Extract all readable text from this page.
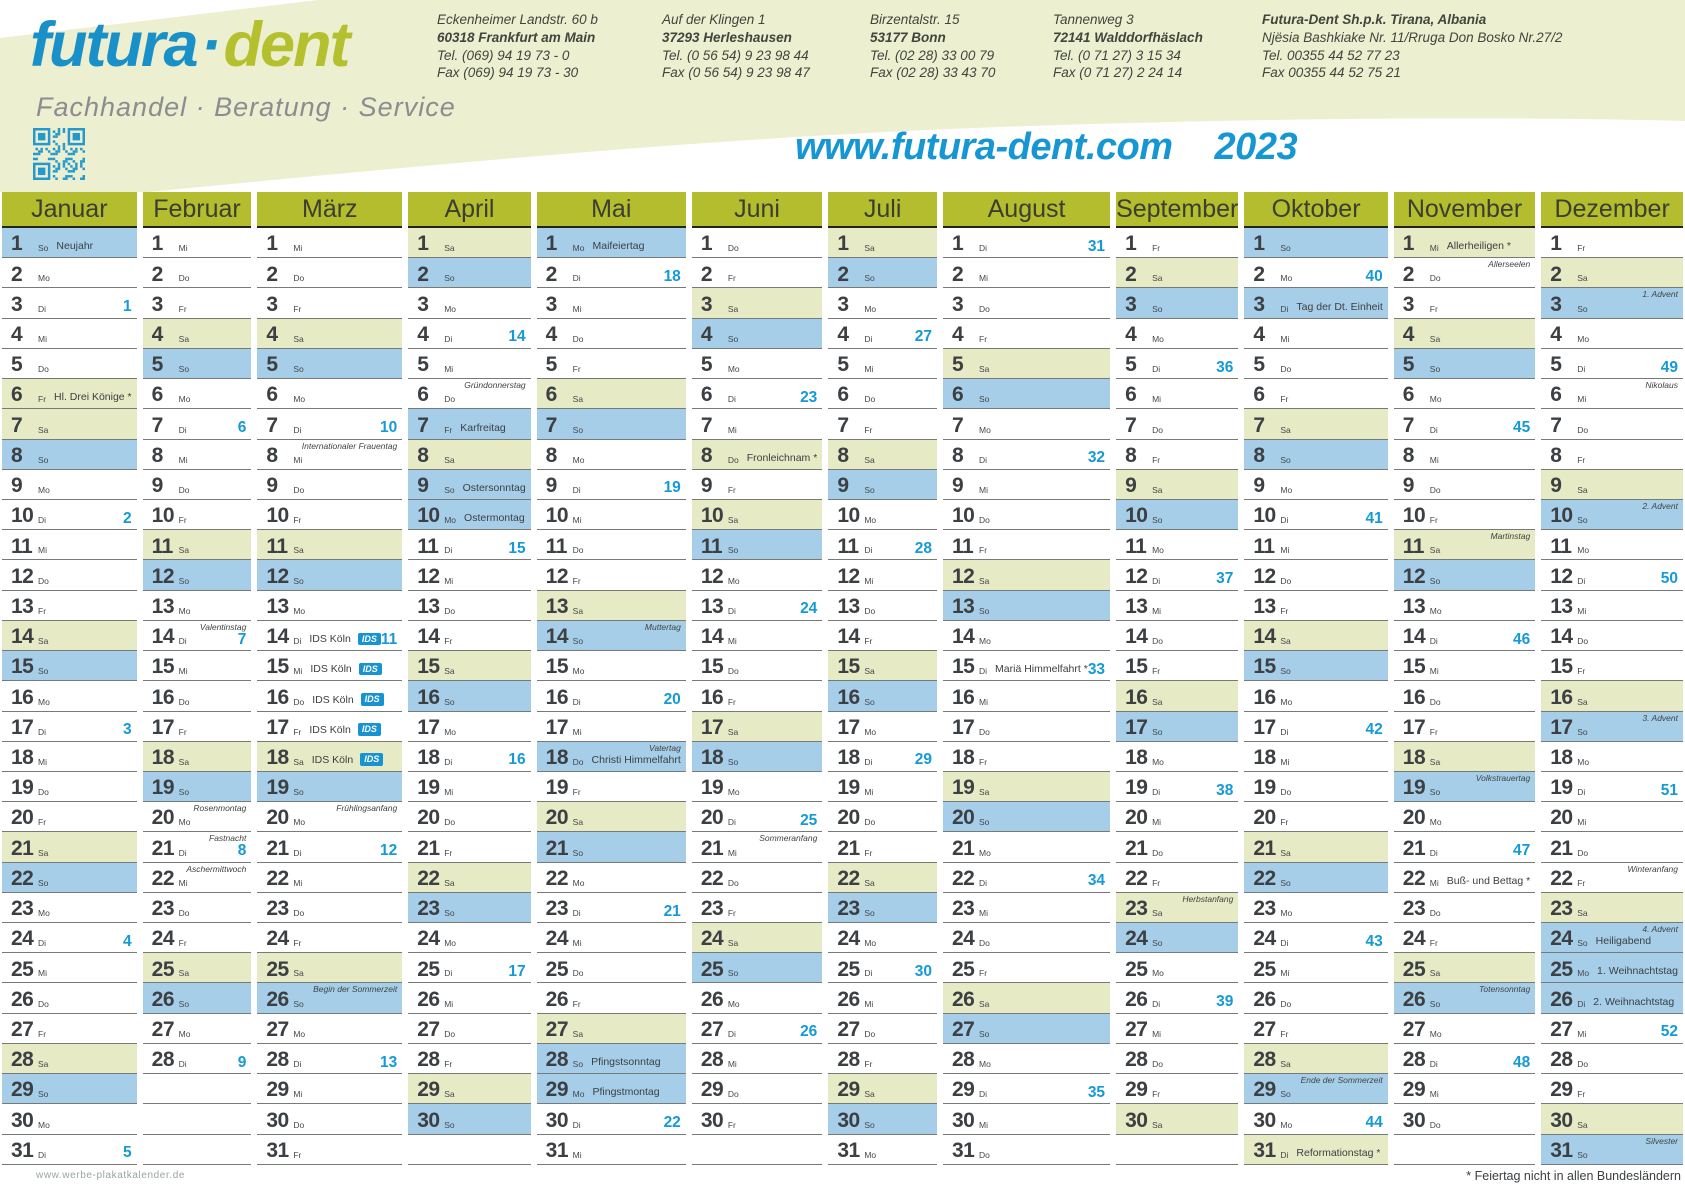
futura·dent
Fachhandel · Beratung · Service
Eckenheimer Landstr. 60 b
60318 Frankfurt am Main
Tel. (069) 94 19 73 - 0
Fax (069) 94 19 73 - 30
Auf der Klingen 1
37293 Herleshausen
Tel. (0 56 54) 9 23 98 44
Fax (0 56 54) 9 23 98 47
Birzentalstr. 15
53177 Bonn
Tel. (02 28) 33 00 79
Fax (02 28) 33 43 70
Tannenweg 3
72141 Walddorfhäslach
Tel. (0 71 27) 3 15 34
Fax (0 71 27) 2 24 14
Futura-Dent Sh.p.k. Tirana, Albania
Njësia Bashkiake Nr. 11/Rruga Don Bosko Nr.27/2
Tel. 00355 44 52 77 23
Fax 00355 44 52 75 21
www.futura-dent.com 2023
Januar
1	So Neujahr
2	Mo
3	Di	1
4	Mi
5	Do
6	Fr Hl. Drei Könige *
7	Sa
8	So
9	Mo
10 Di	2
11 Mi
12 Do
13 Fr
14 Sa
15 So
16 Mo
17 Di	3
18 Mi
19 Do
20 Fr
21 Sa
22 So
23 Mo
24 Di	4
25 Mi
26 Do
27 Fr
28 Sa
29 So
30 Mo
31 Di	5
Februar
1	Mi
2	Do
3	Fr
4	Sa
5	So
6	Mo
7	Di	6
8	Mi
9	Do
10 Fr
11 Sa
12 So
13 Mo
Valentinstag
14 Di	7
15 Mi
16 Do
17 Fr
18 Sa
19 So
Rosenmontag
20 Mo
Fastnacht
21 Di	8
Aschermittwoch
22 Mi
23 Do
24 Fr
25 Sa
26 So
27 Mo
28 Di	9
März
1	Mi
2	Do
3	Fr
4	Sa
5	So
6	Mo
7	Di	10
Internationaler Frauentag
8	Mi
9	Do
10 Fr
11 Sa
12 So
13 Mo
14 Di IDS Köln	IDS 11
15 Mi IDS Köln	IDS
16 Do IDS Köln	IDS
17 Fr IDS Köln	IDS
18 Sa IDS Köln	IDS
19 So
Frühlingsanfang
20 Mo
21 Di	12
22 Mi
23 Do
24 Fr
25 Sa
Begin der Sommerzeit
26 So
27 Mo
28 Di	13
29 Mi
30 Do
31 Fr
April
1	Sa
2	So
3	Mo
4	Di	14
5	Mi
Gründonnerstag
6	Do
7	Fr Karfreitag
8	Sa
9	So Ostersonntag
10 Mo Ostermontag
11 Di	15
12 Mi
13 Do
14 Fr
15 Sa
16 So
17 Mo
18 Di	16
19 Mi
20 Do
21 Fr
22 Sa
23 So
24 Mo
25 Di	17
26 Mi
27 Do
28 Fr
29 Sa
30 So
Mai
1	Mo Maifeiertag
2	Di	18
3	Mi
4	Do
5	Fr
6	Sa
7	So
8	Mo
9	Di	19
10 Mi
11 Do
12 Fr
13 Sa
Muttertag
14 So
15 Mo
16 Di	20
17 Mi
Vatertag
18 Do Christi Himmelfahrt
19 Fr
20 Sa
21 So
22 Mo
23 Di	21
24 Mi
25 Do
26 Fr
27 Sa
28 So Pfingstsonntag
29 Mo Pfingstmontag
30 Di	22
31 Mi
Juni
1	Do
2	Fr
3	Sa
4	So
5	Mo
6	Di	23
7	Mi
8	Do Fronleichnam *
9	Fr
10 Sa
11 So
12 Mo
13 Di	24
14 Mi
15 Do
16 Fr
17 Sa
18 So
19 Mo
20 Di	25
Sommeranfang
21 Mi
22 Do
23 Fr
24 Sa
25 So
26 Mo
27 Di	26
28 Mi
29 Do
30 Fr
Juli
1	Sa
2	So
3	Mo
4	Di	27
5	Mi
6	Do
7	Fr
8	Sa
9	So
10 Mo
11 Di	28
12 Mi
13 Do
14 Fr
15 Sa
16 So
17 Mo
18 Di	29
19 Mi
20 Do
21 Fr
22 Sa
23 So
24 Mo
25 Di	30
26 Mi
27 Do
28 Fr
29 Sa
30 So
31 Mo
August
1	Di	31
2	Mi
3	Do
4	Fr
5	Sa
6	So
7	Mo
8	Di	32
9	Mi
10 Do
11 Fr
12 Sa
13 So
14 Mo
15 Di Mariä Himmelfahrt * 33
16 Mi
17 Do
18 Fr
19 Sa
20 So
21 Mo
22 Di	34
23 Mi
24 Do
25 Fr
26 Sa
27 So
28 Mo
29 Di	35
30 Mi
31 Do
September
1	Fr
2	Sa
3	So
4	Mo
5	Di	36
6	Mi
7	Do
8	Fr
9	Sa
10 So
11 Mo
12 Di	37
13 Mi
14 Do
15 Fr
16 Sa
17 So
18 Mo
19 Di	38
20 Mi
21 Do
22 Fr
Herbstanfang
23 Sa
24 So
25 Mo
26 Di	39
27 Mi
28 Do
29 Fr
30 Sa
Oktober
1	So
2	Mo	40
3	Di Tag der Dt. Einheit
4	Mi
5	Do
6	Fr
7	Sa
8	So
9	Mo
10 Di	41
11 Mi
12 Do
13 Fr
14 Sa
15 So
16 Mo
17 Di	42
18 Mi
19 Do
20 Fr
21 Sa
22 So
23 Mo
24 Di	43
25 Mi
26 Do
27 Fr
28 Sa
Ende der Sommerzeit
29 So
30 Mo	44
31 Di Reformationstag *
November
1	Mi Allerheiligen *
Allerseelen
2	Do
3	Fr
4	Sa
5	So
6	Mo
7	Di	45
8	Mi
9	Do
10 Fr
Martinstag
11 Sa
12 So
13 Mo
14 Di	46
15 Mi
16 Do
17 Fr
18 Sa
Volkstrauertag
19 So
20 Mo
21 Di	47
22 Mi Buß- und Bettag *
23 Do
24 Fr
25 Sa
Totensonntag
26 So
27 Mo
28 Di	48
29 Mi
30 Do
Dezember
1	Fr
2	Sa
1. Advent
3	So
4	Mo
5	Di	49
Nikolaus
6	Mi
7	Do
8	Fr
9	Sa
2. Advent
10 So
11 Mo
12 Di	50
13 Mi
14 Do
15 Fr
16 Sa
3. Advent
17 So
18 Mo
19 Di	51
20 Mi
21 Do
Winteranfang
22 Fr
23 Sa
4. Advent
24 So Heiligabend
25 Mo 1. Weihnachtstag
26 Di 2. Weihnachtstag
27 Mi	52
28 Do
29 Fr
30 Sa
Silvester
31 So
www.werbe-plakatkalender.de	* Feiertag nicht in allen Bundesländern
